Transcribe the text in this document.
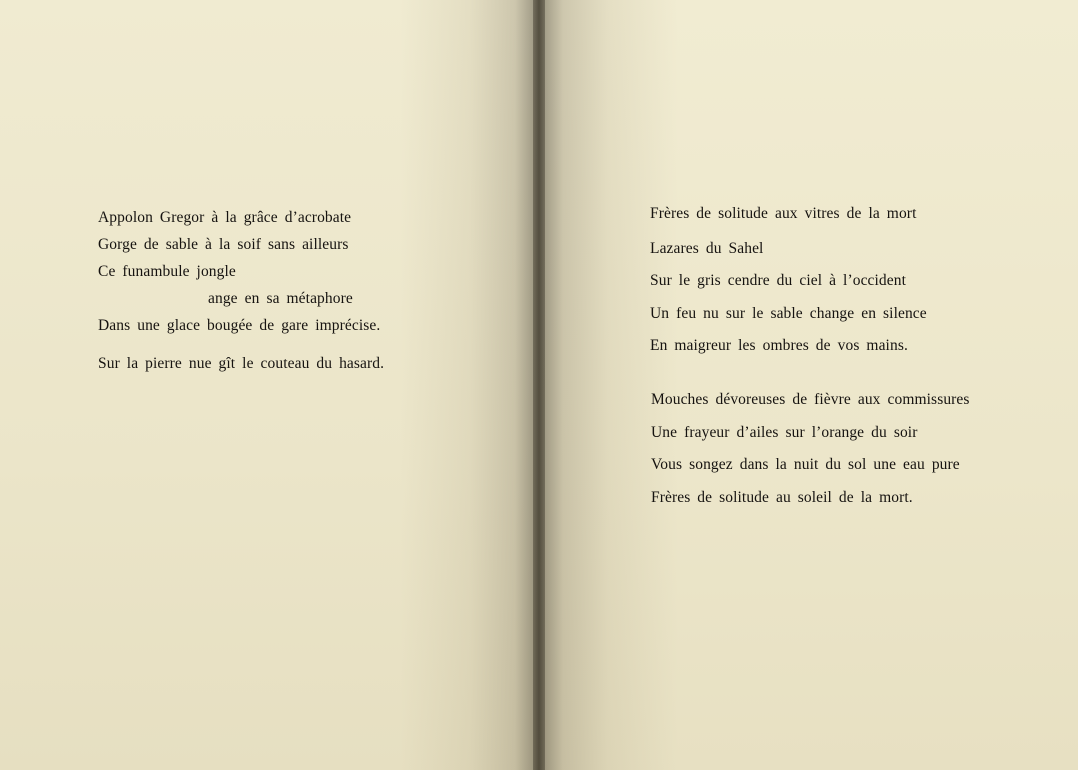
Appolon Gregor à la grâce d’acrobate

Gorge de sable à la soif sans ailleurs

Ce funambule jongle

ange en sa métaphore

Dans une glace bougée de gare imprécise.

Sur la pierre nue gît le couteau du hasard.

Frères de solitude aux vitres de la mort

Lazares du Sahel

Sur le gris cendre du ciel à l’occident

Un feu nu sur le sable change en silence

En maigreur les ombres de vos mains.

Mouches dévoreuses de fièvre aux commissures

Une frayeur d’ailes sur l’orange du soir

Vous songez dans la nuit du sol une eau pure

Frères de solitude au soleil de la mort.
